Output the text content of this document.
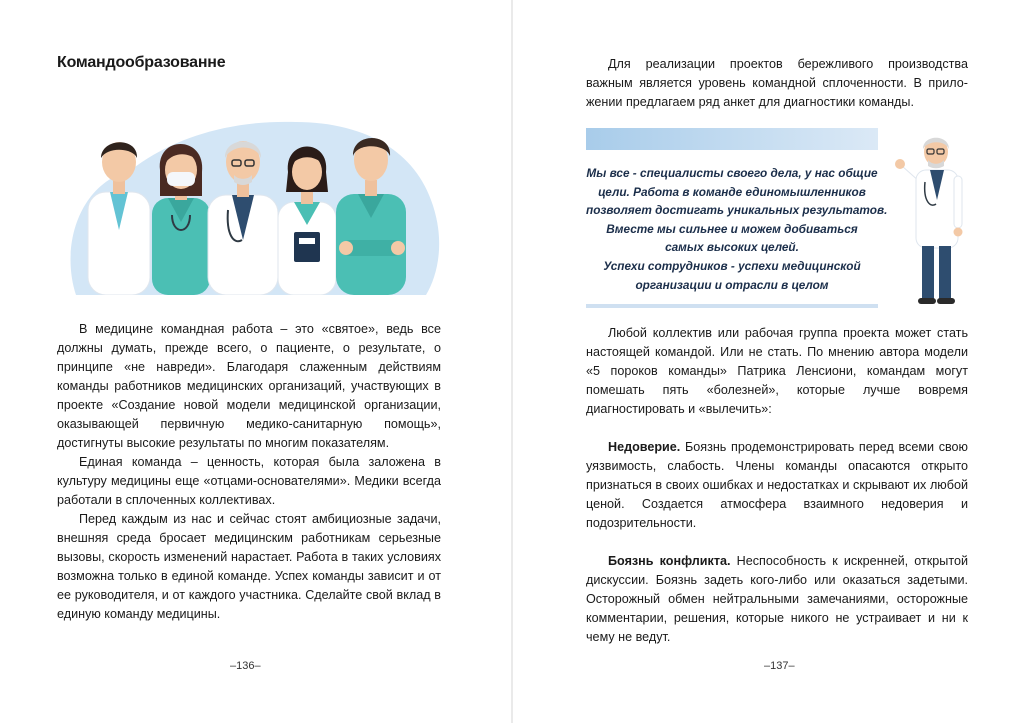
Командообразованне

В медицине командная работа – это «святое», ведь все должны думать, прежде всего, о пациенте, о результате, о принципе «не навреди». Благодаря слаженным действиям команды работников медицинских организаций, участвующих в проекте «Создание новой модели медицинской организации, оказывающей первичную медико-санитарную помощь», достигнуты высокие результаты по многим показателям.

Единая команда – ценность, которая была заложена в культуру медицины еще «отцами-основателями». Медики всегда работали в сплоченных коллективах.

Перед каждым из нас и сейчас стоят амбициозные задачи, внешняя среда бросает медицинским работникам серьезные вызовы, скорость изменений нарастает. Работа в таких условиях возможна только в единой команде. Успех команды зависит и от ее руководителя, и от каждого участника. Сделайте свой вклад в единую команду медицины.

–136–

Для реализации проектов бережливого производства важным является уровень командной сплоченности. В приложении предлагаем ряд анкет для диагностики команды.

Мы все - специалисты своего дела, у нас общие
цели. Работа в команде единомышленников
позволяет достигать уникальных результатов.
Вместе мы сильнее и можем добиваться
самых высоких целей.
Успехи сотрудников - успехи медицинской
организации и отрасли в целом

Любой коллектив или рабочая группа проекта может стать настоящей командой. Или не стать. По мнению автора модели «5 пороков команды» Патрика Ленсиони, командам могут помешать пять «болезней», которые лучше вовремя диагностировать и «вылечить»:

Недоверие. Боязнь продемонстрировать перед всеми свою уязвимость, слабость. Члены команды опасаются открыто признаться в своих ошибках и недостатках и скрывают их любой ценой. Создается атмосфера взаимного недоверия и подозрительности.

Боязнь конфликта. Неспособность к искренней, открытой дискуссии. Боязнь задеть кого-либо или оказаться задетыми. Осторожный обмен нейтральными замечаниями, осторожные комментарии, решения, которые никого не устраивает и ни к чему не ведут.

–137–
